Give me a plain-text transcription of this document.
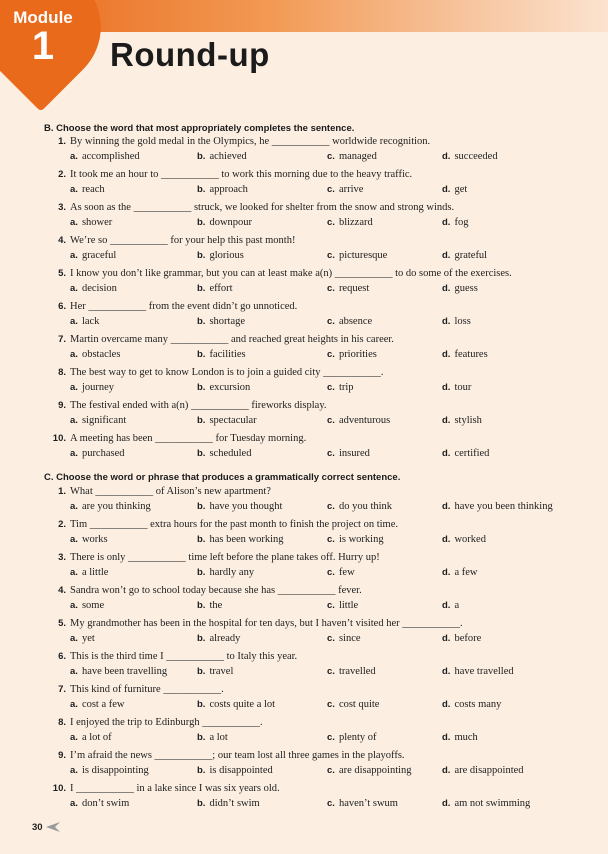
Module
1	Round-up
B. Choose the word that most appropriately completes the sentence.
1. By winning the gold medal in the Olympics, he ___________ worldwide recognition.
a. accomplished	b. achieved	c. managed	d. succeeded
2. It took me an hour to ___________ to work this morning due to the heavy traffic.
a. reach	b. approach	c. arrive	d. get
3. As soon as the ___________ struck, we looked for shelter from the snow and strong winds.
a. shower	b. downpour	c. blizzard	d. fog
4. We’re so ___________ for your help this past month!
a. graceful	b. glorious	c. picturesque	d. grateful
5. I know you don’t like grammar, but you can at least make a(n) ___________ to do some of the exercises.
a. decision	b. effort	c. request	d. guess
6. Her ___________ from the event didn’t go unnoticed.
a. lack	b. shortage	c. absence	d. loss
7. Martin overcame many ___________ and reached great heights in his career.
a. obstacles	b. facilities	c. priorities	d. features
8. The best way to get to know London is to join a guided city ___________.
a. journey	b. excursion	c. trip	d. tour
9. The festival ended with a(n) ___________ fireworks display.
a. significant	b. spectacular	c. adventurous	d. stylish
10. A meeting has been ___________ for Tuesday morning.
a. purchased	b. scheduled	c. insured	d. certified
C. Choose the word or phrase that produces a grammatically correct sentence.
1. What ___________ of Alison’s new apartment?
a. are you thinking	b. have you thought	c. do you think	d. have you been thinking
2. Tim ___________ extra hours for the past month to finish the project on time.
a. works	b. has been working	c. is working	d. worked
3. There is only ___________ time left before the plane takes off. Hurry up!
a. a little	b. hardly any	c. few	d. a few
4. Sandra won’t go to school today because she has ___________ fever.
a. some	b. the	c. little	d. a
5. My grandmother has been in the hospital for ten days, but I haven’t visited her ___________.
a. yet	b. already	c. since	d. before
6. This is the third time I ___________ to Italy this year.
a. have been travelling	b. travel	c. travelled	d. have travelled
7. This kind of furniture ___________.
a. cost a few	b. costs quite a lot	c. cost quite	d. costs many
8. I enjoyed the trip to Edinburgh ___________.
a. a lot of	b. a lot	c. plenty of	d. much
9. I’m afraid the news ___________; our team lost all three games in the playoffs.
a. is disappointing	b. is disappointed	c. are disappointing	d. are disappointed
10. I ___________ in a lake since I was six years old.
a. don’t swim	b. didn’t swim	c. haven’t swum	d. am not swimming
30
